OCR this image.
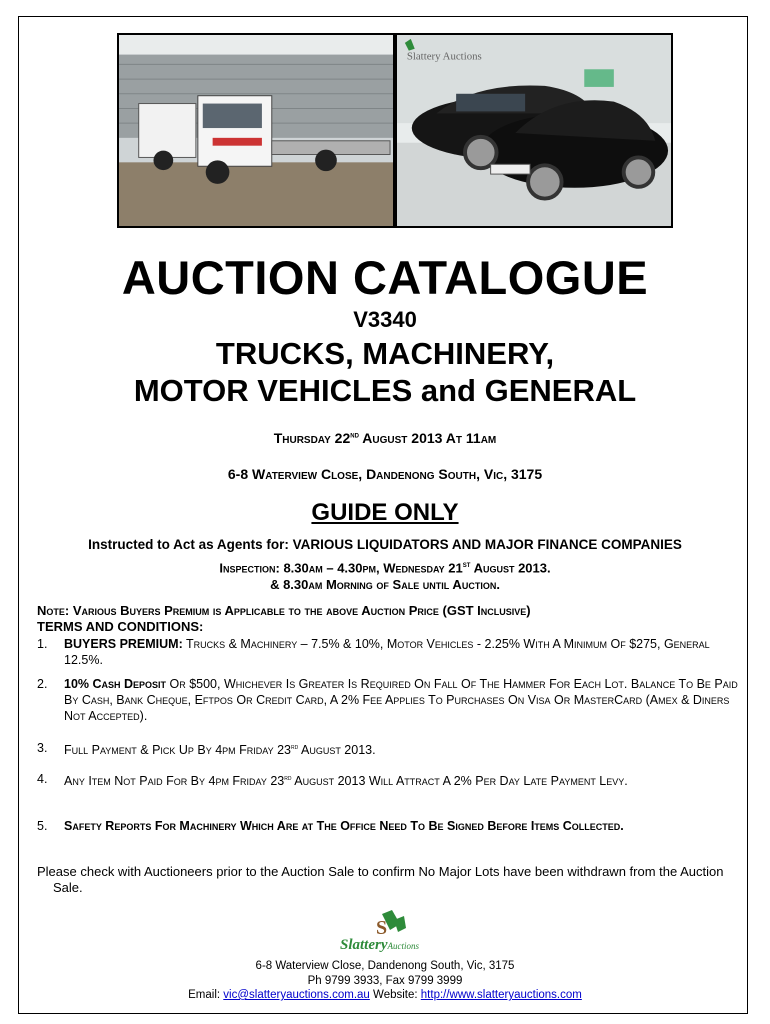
Slattery Auctions
AUCTION CATALOGUE
V3340
TRUCKS, MACHINERY,
MOTOR VEHICLES and GENERAL
Thursday 22nd August 2013 At 11am
6-8 Waterview Close, Dandenong South, Vic, 3175
GUIDE ONLY
Instructed to Act as Agents for: VARIOUS LIQUIDATORS AND MAJOR FINANCE COMPANIES
Inspection: 8.30am – 4.30pm, Wednesday 21st August 2013.
& 8.30am Morning of Sale until Auction.
Note: Various Buyers Premium is Applicable to the above Auction Price (GST Inclusive)
TERMS AND CONDITIONS:
1.	BUYERS PREMIUM: Trucks & Machinery – 7.5% & 10%, Motor Vehicles - 2.25% With A Minimum Of $275, General 12.5%.
2.	10% Cash Deposit Or $500, Whichever Is Greater Is Required On Fall Of The Hammer For Each Lot. Balance To Be Paid By Cash, Bank Cheque, Eftpos Or Credit Card, A 2% Fee Applies To Purchases On Visa Or MasterCard (Amex & Diners Not Accepted).
3.	Full Payment & Pick Up By 4pm Friday 23rd August 2013.
4.	Any Item Not Paid For By 4pm Friday 23rd August 2013 Will Attract A 2% Per Day Late Payment Levy.
5.	Safety Reports For Machinery Which Are at The Office Need To Be Signed Before Items Collected.
Please check with Auctioneers prior to the Auction Sale to confirm No Major Lots have been withdrawn from the Auction Sale.
S
SlatteryAuctions
6-8 Waterview Close, Dandenong South, Vic, 3175
Ph 9799 3933, Fax 9799 3999
Email: vic@slatteryauctions.com.au Website: http://www.slatteryauctions.com
